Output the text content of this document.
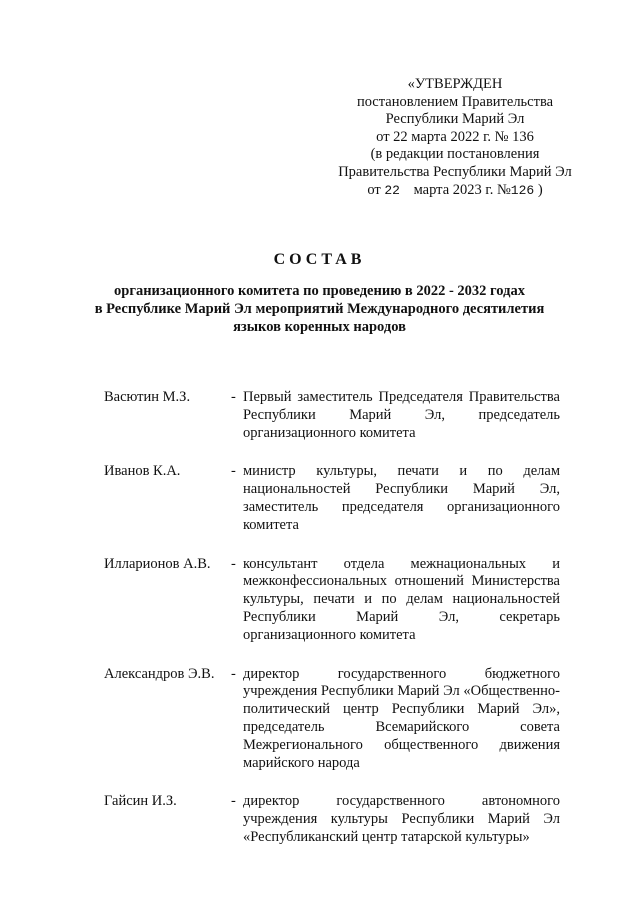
«УТВЕРЖДЕН
постановлением Правительства
Республики Марий Эл
от 22 марта 2022 г. № 136
(в редакции постановления
Правительства Республики Марий Эл
от 22 марта 2023 г. №126 )
СОСТАВ
организационного комитета по проведению в 2022 - 2032 годах
в Республике Марий Эл мероприятий Международного десятилетия
языков коренных народов
Васютин М.З.	- Первый заместитель Председателя Правительства Республики Марий Эл, председатель организационного комитета
Иванов К.А.	- министр культуры, печати и по делам национальностей Республики Марий Эл, заместитель председателя организационного комитета
Илларионов А.В. - консультант отдела межнациональных и межконфессиональных отношений Министерства культуры, печати и по делам национальностей Республики Марий Эл, секретарь организационного комитета
Александров Э.В. - директор государственного бюджетного учреждения Республики Марий Эл «Общественно-политический центр Республики Марий Эл», председатель Всемарийского совета Межрегионального общественного движения марийского народа
Гайсин И.З.	- директор государственного автономного учреждения культуры Республики Марий Эл «Республиканский центр татарской культуры»
